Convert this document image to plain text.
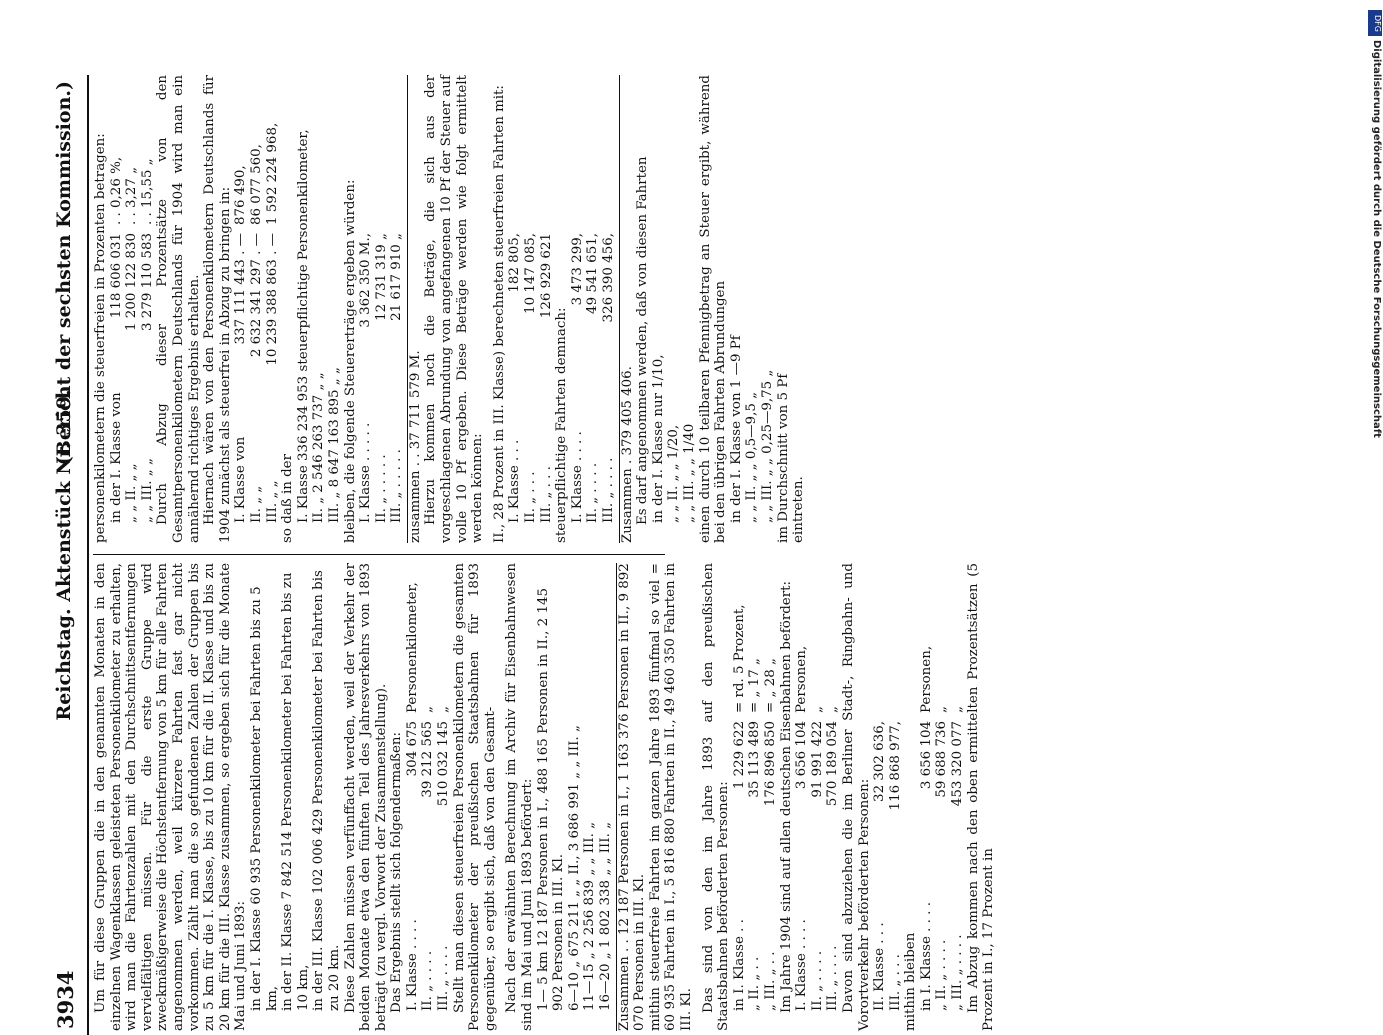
3934
Reichstag. Aktenstück Nr. 359.
(Bericht der sechsten Kommission.)

Um für diese Gruppen die in den genannten Monaten in den einzelnen Wagenklassen geleisteten Personenkilometer zu erhalten, wird man die Fahrtenzahlen mit den Durchschnittsentfernungen vervielfältigen müssen. Für die erste Gruppe wird zweckmäßigerweise die Höchstentfernung von 5 km für alle Fahrten angenommen werden, weil kürzere Fahrten fast gar nicht vorkommen. Zählt man die so gefundenen Zahlen der Gruppen bis zu 5 km für die I. Klasse, bis zu 10 km für die II. Klasse und bis zu 20 km für die III. Klasse zusammen, so ergeben sich für die Monate Mai und Juni 1893: in der I. Klasse 60 935 Personenkilometer bei Fahrten bis zu 5 km, in der II. Klasse 7 842 514 Personenkilometer bei Fahrten bis zu 10 km, in der III. Klasse 102 006 429 Personenkilometer bei Fahrten bis zu 20 km. Diese Zahlen müssen verfünffacht werden, weil der Verkehr der beiden Monate etwa den fünften Teil des Jahresverkehrs von 1893 beträgt (zu vergl. Vorwort der Zusammenstellung). Das Ergebnis stellt sich folgendermaßen: I. Klasse . . . .
304 675
Personenkilometer,
II. „ . . . .
39 212 565
„
III. „ . . . .
510 032 145
„ Stellt man diesen steuerfreien Personenkilometern die gesamten Personenkilometer der preußischen Staatsbahnen für 1893 gegenüber, so ergibt sich, daß von den Gesamt- Nach der erwähnten Berechnung im Archiv für Eisenbahnwesen sind im Mai und Juni 1893 befördert: 1— 5 km 12 187 Personen in I., 488 165 Personen in II., 2 145 902 Personen in III. Kl. 6—10 „ 675 211 „ „ II., 3 686 991 „ „ III. „ 11—15 „ 2 256 839 „ „ III. „ 16—20 „ 1 802 338 „ „ III. „ Zusammen . . 12 187 Personen in I., 1 163 376 Personen in II., 9 892 070 Personen in III. Kl. mithin steuerfreie Fahrten im ganzen Jahre 1893 fünfmal so viel = 60 935 Fahrten in I., 5 816 880 Fahrten in II., 49 460 350 Fahrten in III. Kl. Das sind von den im Jahre 1893 auf den preußischen Staatsbahnen beförderten Personen: in I. Klasse . .
1 229 622
= rd. 5 Prozent,
„ II. „ . .
35 113 489
= „ 17 „
„ III. „ . .
176 896 850
= „ 28 „ Im Jahre 1904 sind auf allen deutschen Eisenbahnen befördert: I. Klasse . . . .
3 656 104
Personen,
II. „ . . . .
91 991 422
„
III. „ . . . .
570 189 054
„ Davon sind abzuziehen die im Berliner Stadt-, Ringbahn- und Vorortverkehr beförderten Personen: II. Klasse . . .
32 302 636,
III. „ . . .
116 868 977,

mithin bleiben in I. Klasse . . . .
3 656 104
Personen,
„ II. „ . . . .
59 688 736
„
„ III. „ . . . .
453 320 077
„ Im Abzug kommen nach den oben ermittelten Prozentsätzen (5 Prozent in I., 17 Prozent in

personenkilometern die steuerfreien in Prozenten betragen: in der I. Klasse von
118 606 031
. . 0,26 %,
„ „ II. „ „
1 200 122 830
. . 3,27 „
„ „ III. „ „
3 279 110 583
. . 15,55 „ Durch Abzug dieser Prozentsätze von den Gesamtpersonenkilometern Deutschlands für 1904 wird man ein annähernd richtiges Ergebnis erhalten. Hiernach wären von den Personenkilometern Deutschlands für 1904 zunächst als steuerfrei in Abzug zu bringen in: I. Klasse von
337 111 443 . —
876 490,
II. „ „
2 632 341 297 . —
86 077 560,
III. „ „
10 239 388 863 . —
1 592 224 968,

so daß in der I. Klasse 336 234 953 steuerpflichtige Personenkilometer, II. „ 2 546 263 737 „ „ III. „ 8 647 163 895 „ „ bleiben, die folgende Steuererträge ergeben würden: I. Klasse . . . . .
3 362 350 M.,
II. „ . . . . .
12 731 319 „
III. „ . . . . .
21 617 910 „
zusammen . . 37 711 579 M. Hierzu kommen noch die Beträge, die sich aus der vorgeschlagenen Abrundung von angefangenen 10 Pf der Steuer auf volle 10 Pf ergeben. Diese Beträge werden wie folgt ermittelt werden können: II., 28 Prozent in III. Klasse) berechneten steuerfreien Fahrten mit: I. Klasse . . .
182 805,
II. „ . . .
10 147 085,
III. „ . . .
126 929 621

steuerpflichtige Fahrten demnach: I. Klasse . . . .
3 473 299,
II. „ . . . .
49 541 651,
III. „ . . . .
326 390 456,
Zusammen . 379 405 406. Es darf angenommen werden, daß von diesen Fahrten in der I. Klasse nur 1/10, „ „ II. „ „ 1/20, „ „ III. „ „ 1/40 einen durch 10 teilbaren Pfennigbetrag an Steuer ergibt, während bei den übrigen Fahrten Abrundungen in der I. Klasse von 1 —9 Pf „ „ II. „ „ 0,5—9,5 „ „ „ III. „ „ 0,25—9,75 „ im Durchschnitt von 5 Pf eintreten.

DFG
Digitalisierung gefördert durch die Deutsche Forschungsgemeinschaft
